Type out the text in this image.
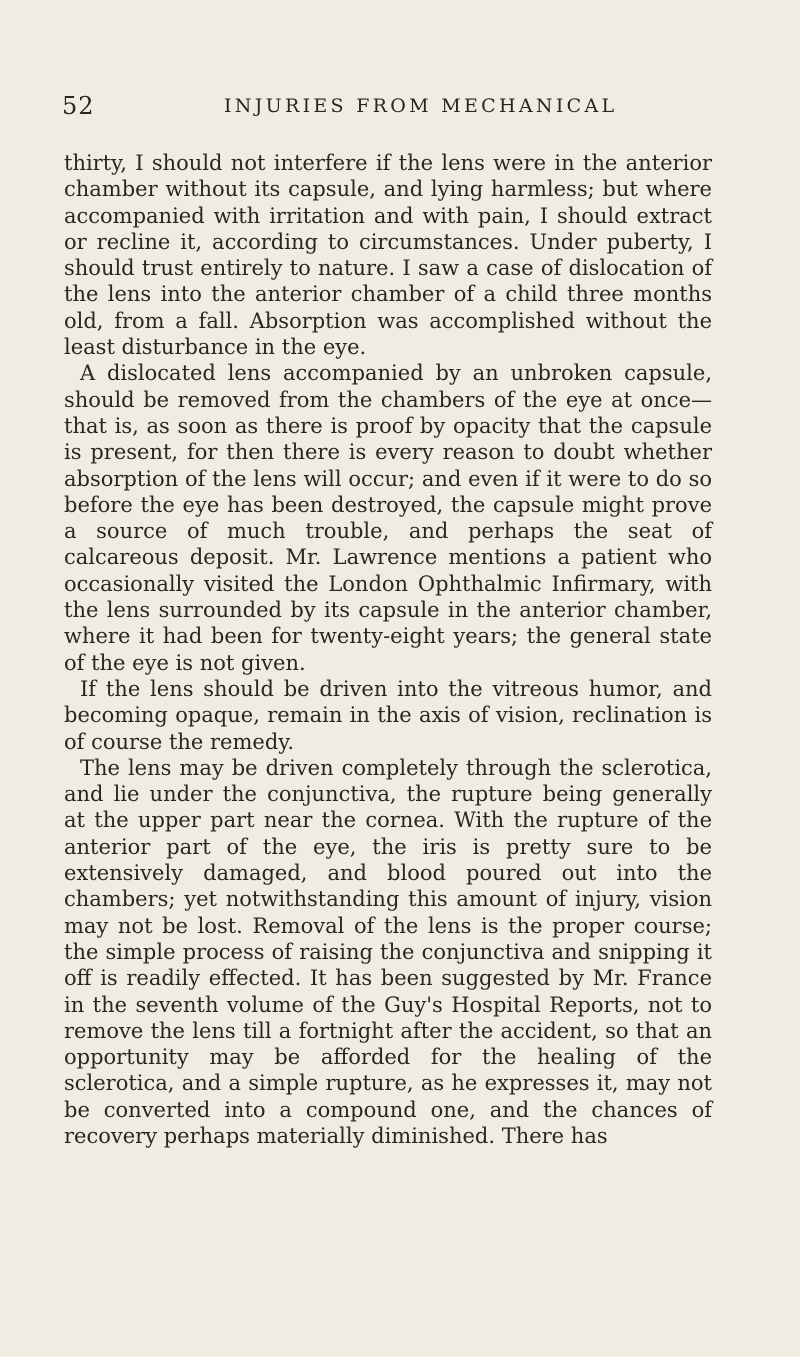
52	INJURIES FROM MECHANICAL

thirty, I should not interfere if the lens were in the anterior chamber without its capsule, and lying harmless; but where accompanied with irritation and with pain, I should extract or recline it, according to circumstances. Under puberty, I should trust entirely to nature. I saw a case of dislocation of the lens into the anterior chamber of a child three months old, from a fall. Absorption was accomplished without the least disturbance in the eye.

A dislocated lens accompanied by an unbroken capsule, should be removed from the chambers of the eye at once—that is, as soon as there is proof by opacity that the capsule is present, for then there is every reason to doubt whether absorption of the lens will occur; and even if it were to do so before the eye has been destroyed, the capsule might prove a source of much trouble, and perhaps the seat of calcareous deposit. Mr. Lawrence mentions a patient who occasionally visited the London Ophthalmic Infirmary, with the lens surrounded by its capsule in the anterior chamber, where it had been for twenty-eight years; the general state of the eye is not given.

If the lens should be driven into the vitreous humor, and becoming opaque, remain in the axis of vision, reclination is of course the remedy.

The lens may be driven completely through the sclerotica, and lie under the conjunctiva, the rupture being generally at the upper part near the cornea. With the rupture of the anterior part of the eye, the iris is pretty sure to be extensively damaged, and blood poured out into the chambers; yet notwithstanding this amount of injury, vision may not be lost. Removal of the lens is the proper course; the simple process of raising the conjunctiva and snipping it off is readily effected. It has been suggested by Mr. France in the seventh volume of the Guy's Hospital Reports, not to remove the lens till a fortnight after the accident, so that an opportunity may be afforded for the healing of the sclerotica, and a simple rupture, as he expresses it, may not be converted into a compound one, and the chances of recovery perhaps materially diminished. There has
